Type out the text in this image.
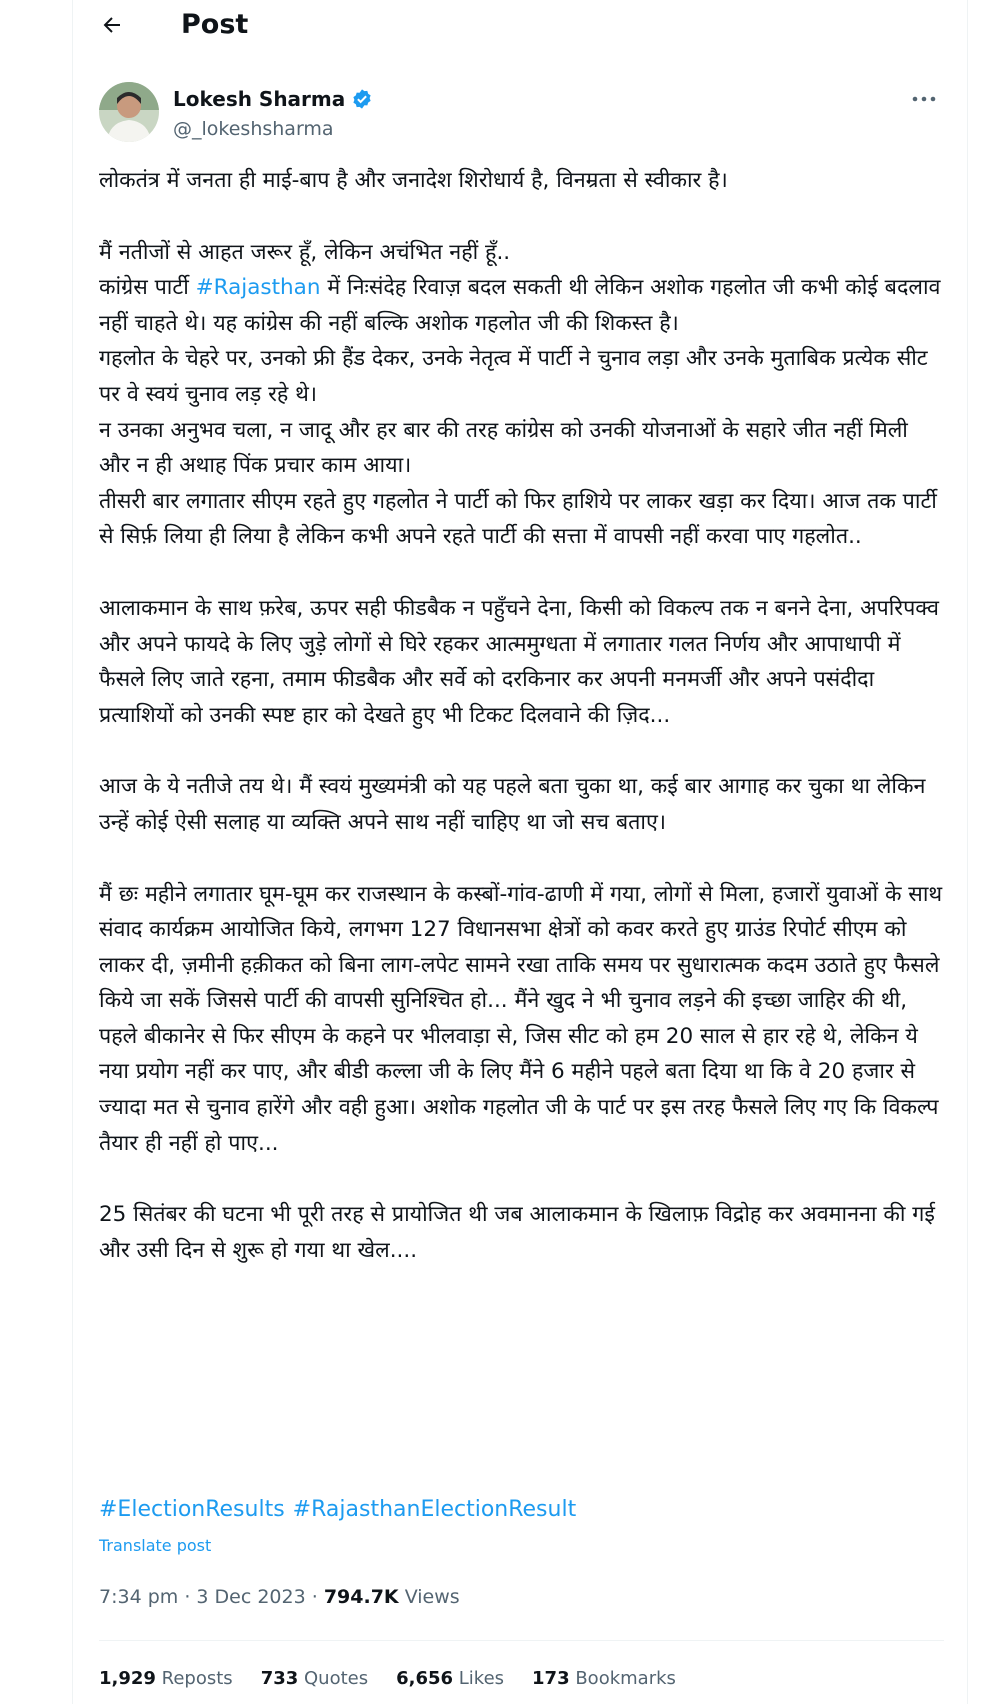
Post
Lokesh Sharma
@_lokeshsharma

लोकतंत्र में जनता ही माई-बाप है और जनादेश शिरोधार्य है, विनम्रता से स्वीकार है।

मैं नतीजों से आहत जरूर हूँ, लेकिन अचंभित नहीं हूँ..

कांग्रेस पार्टी #Rajasthan में निःसंदेह रिवाज़ बदल सकती थी लेकिन अशोक गहलोत जी कभी कोई बदलाव नहीं चाहते थे। यह कांग्रेस की नहीं बल्कि अशोक गहलोत जी की शिकस्त है।

गहलोत के चेहरे पर, उनको फ्री हैंड देकर, उनके नेतृत्व में पार्टी ने चुनाव लड़ा और उनके मुताबिक प्रत्येक सीट पर वे स्वयं चुनाव लड़ रहे थे।

न उनका अनुभव चला, न जादू और हर बार की तरह कांग्रेस को उनकी योजनाओं के सहारे जीत नहीं मिली और न ही अथाह पिंक प्रचार काम आया।

तीसरी बार लगातार सीएम रहते हुए गहलोत ने पार्टी को फिर हाशिये पर लाकर खड़ा कर दिया। आज तक पार्टी से सिर्फ़ लिया ही लिया है लेकिन कभी अपने रहते पार्टी की सत्ता में वापसी नहीं करवा पाए गहलोत..

आलाकमान के साथ फ़रेब, ऊपर सही फीडबैक न पहुँचने देना, किसी को विकल्प तक न बनने देना, अपरिपक्व और अपने फायदे के लिए जुड़े लोगों से घिरे रहकर आत्ममुग्धता में लगातार गलत निर्णय और आपाधापी में फैसले लिए जाते रहना, तमाम फीडबैक और सर्वे को दरकिनार कर अपनी मनमर्जी और अपने पसंदीदा प्रत्याशियों को उनकी स्पष्ट हार को देखते हुए भी टिकट दिलवाने की ज़िद...

आज के ये नतीजे तय थे। मैं स्वयं मुख्यमंत्री को यह पहले बता चुका था, कई बार आगाह कर चुका था लेकिन उन्हें कोई ऐसी सलाह या व्यक्ति अपने साथ नहीं चाहिए था जो सच बताए।

मैं छः महीने लगातार घूम-घूम कर राजस्थान के कस्बों-गांव-ढाणी में गया, लोगों से मिला, हजारों युवाओं के साथ संवाद कार्यक्रम आयोजित किये, लगभग 127 विधानसभा क्षेत्रों को कवर करते हुए ग्राउंड रिपोर्ट सीएम को लाकर दी, ज़मीनी हक़ीकत को बिना लाग-लपेट सामने रखा ताकि समय पर सुधारात्मक कदम उठाते हुए फैसले किये जा सकें जिससे पार्टी की वापसी सुनिश्चित हो... मैंने खुद ने भी चुनाव लड़ने की इच्छा जाहिर की थी, पहले बीकानेर से फिर सीएम के कहने पर भीलवाड़ा से, जिस सीट को हम 20 साल से हार रहे थे, लेकिन ये नया प्रयोग नहीं कर पाए, और बीडी कल्ला जी के लिए मैंने 6 महीने पहले बता दिया था कि वे 20 हजार से ज्यादा मत से चुनाव हारेंगे और वही हुआ। अशोक गहलोत जी के पार्ट पर इस तरह फैसले लिए गए कि विकल्प तैयार ही नहीं हो पाए...

25 सितंबर की घटना भी पूरी तरह से प्रायोजित थी जब आलाकमान के खिलाफ़ विद्रोह कर अवमानना की गई और उसी दिन से शुरू हो गया था खेल....

#ElectionResults #RajasthanElectionResult
Translate post
7:34 pm · 3 Dec 2023 · 794.7K Views
1,929 Reposts 733 Quotes 6,656 Likes 173 Bookmarks
